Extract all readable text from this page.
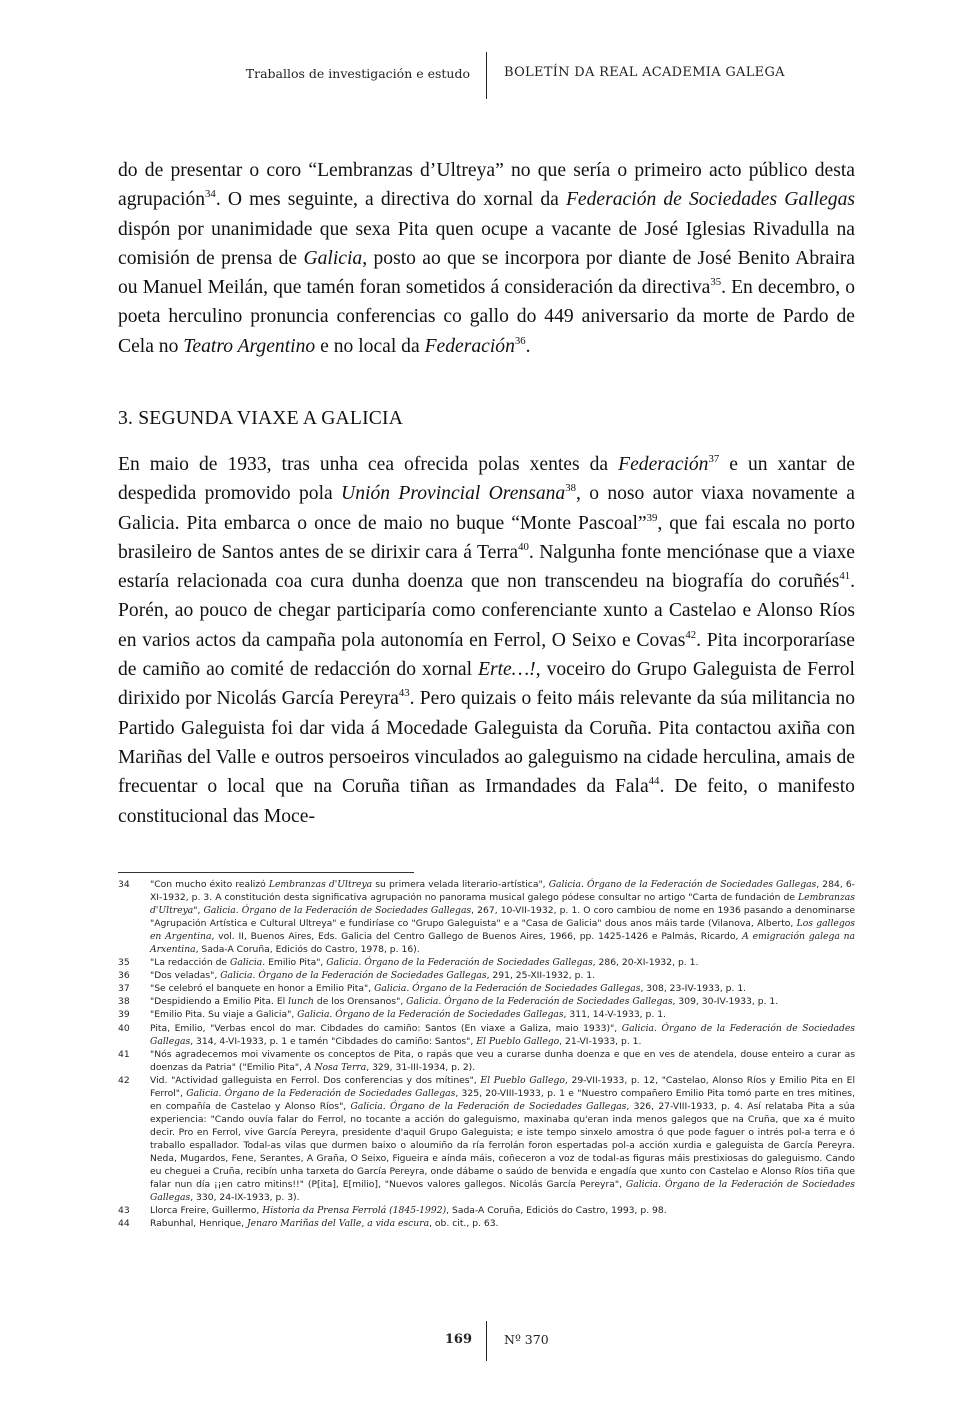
Traballos de investigación e estudo	BOLETÍN DA REAL ACADEMIA GALEGA

do de presentar o coro “Lembranzas d’Ultreya” no que sería o primeiro acto público desta agrupación$^{34}$. O mes seguinte, a directiva do xornal da Federación de Sociedades Gallegas dispón por unanimidade que sexa Pita quen ocupe a vacante de José Iglesias Rivadulla na comisión de prensa de Galicia, posto ao que se incorpora por diante de José Benito Abraira ou Manuel Meilán, que tamén foran sometidos á consideración da directiva$^{35}$. En decembro, o poeta herculino pronuncia conferencias co gallo do 449 aniversario da morte de Pardo de Cela no Teatro Argentino e no local da Federación$^{36}$.

3. SEGUNDA VIAXE A GALICIA

En maio de 1933, tras unha cea ofrecida polas xentes da Federación$^{37}$ e un xantar de despedida promovido pola Unión Provincial Orensana$^{38}$, o noso autor viaxa novamente a Galicia. Pita embarca o once de maio no buque “Monte Pascoal”$^{39}$, que fai escala no porto brasileiro de Santos antes de se dirixir cara á Terra$^{40}$. Nalgunha fonte menciónase que a viaxe estaría relacionada coa cura dunha doenza que non transcendeu na biografía do coruñés$^{41}$. Porén, ao pouco de chegar participaría como conferenciante xunto a Castelao e Alonso Ríos en varios actos da campaña pola autonomía en Ferrol, O Seixo e Covas$^{42}$. Pita incorporaríase de camiño ao comité de redacción do xornal Erte…!, voceiro do Grupo Galeguista de Ferrol dirixido por Nicolás García Pereyra$^{43}$. Pero quizais o feito máis relevante da súa militancia no Partido Galeguista foi dar vida á Mocedade Galeguista da Coruña. Pita contactou axiña con Mariñas del Valle e outros persoeiros vinculados ao galeguismo na cidade herculina, amais de frecuentar o local que na Coruña tiñan as Irmandades da Fala$^{44}$. De feito, o manifesto constitucional das Moce-

34	"Con mucho éxito realizó Lembranzas d'Ultreya su primera velada literario-artística", Galicia. Órgano de la Federación de Sociedades Gallegas, 284, 6-XI-1932, p. 3. A constitución desta significativa agrupación no panorama musical galego pódese consultar no artigo "Carta de fundación de Lembranzas d'Ultreya", Galicia. Órgano de la Federación de Sociedades Gallegas, 267, 10-VII-1932, p. 1. O coro cambiou de nome en 1936 pasando a denominarse "Agrupación Artística e Cultural Ultreya" e fundiríase co "Grupo Galeguista" e a "Casa de Galicia" dous anos máis tarde (Vilanova, Alberto, Los gallegos en Argentina, vol. II, Buenos Aires, Eds. Galicia del Centro Gallego de Buenos Aires, 1966, pp. 1425-1426 e Palmás, Ricardo, A emigración galega na Arxentina, Sada-A Coruña, Ediciós do Castro, 1978, p. 16).
35	"La redacción de Galicia. Emilio Pita", Galicia. Órgano de la Federación de Sociedades Gallegas, 286, 20-XI-1932, p. 1.
36	"Dos veladas", Galicia. Órgano de la Federación de Sociedades Gallegas, 291, 25-XII-1932, p. 1.
37	"Se celebró el banquete en honor a Emilio Pita", Galicia. Órgano de la Federación de Sociedades Gallegas, 308, 23-IV-1933, p. 1.
38	"Despidiendo a Emilio Pita. El lunch de los Orensanos", Galicia. Órgano de la Federación de Sociedades Gallegas, 309, 30-IV-1933, p. 1.
39	"Emilio Pita. Su viaje a Galicia", Galicia. Órgano de la Federación de Sociedades Gallegas, 311, 14-V-1933, p. 1.
40	Pita, Emilio, "Verbas encol do mar. Cibdades do camiño: Santos (En viaxe a Galiza, maio 1933)", Galicia. Órgano de la Federación de Sociedades Gallegas, 314, 4-VI-1933, p. 1 e tamén "Cibdades do camiño: Santos", El Pueblo Gallego, 21-VI-1933, p. 1.
41	"Nós agradecemos moi vivamente os conceptos de Pita, o rapás que veu a curarse dunha doenza e que en ves de atendela, douse enteiro a curar as doenzas da Patria" ("Emilio Pita", A Nosa Terra, 329, 31-III-1934, p. 2).
42	Vid. "Actividad galleguista en Ferrol. Dos conferencias y dos mítines", El Pueblo Gallego, 29-VII-1933, p. 12, "Castelao, Alonso Ríos y Emilio Pita en El Ferrol", Galicia. Órgano de la Federación de Sociedades Gallegas, 325, 20-VIII-1933, p. 1 e "Nuestro compañero Emilio Pita tomó parte en tres mitines, en compañía de Castelao y Alonso Ríos", Galicia. Órgano de la Federación de Sociedades Gallegas, 326, 27-VIII-1933, p. 4. Así relataba Pita a súa experiencia: "Cando ouvía falar do Ferrol, no tocante a acción do galeguismo, maxinaba qu'eran inda menos galegos que na Cruña, que xa é muito decir. Pro en Ferrol, vive García Pereyra, presidente d'aquil Grupo Galeguista; e iste tempo sinxelo amostra ó que pode faguer o intrés pol-a terra e ó traballo espallador. Todal-as vilas que durmen baixo o aloumiño da ría ferrolán foron espertadas pol-a acción xurdia e galeguista de García Pereyra. Neda, Mugardos, Fene, Serantes, A Graña, O Seixo, Figueira e aínda máis, coñeceron a voz de todal-as figuras máis prestixiosas do galeguismo. Cando eu cheguei a Cruña, recibín unha tarxeta do García Pereyra, onde dábame o saúdo de benvida e engadía que xunto con Castelao e Alonso Ríos tiña que falar nun día ¡¡en catro mitins!!" (P[ita], E[milio], "Nuevos valores gallegos. Nicolás García Pereyra", Galicia. Órgano de la Federación de Sociedades Gallegas, 330, 24-IX-1933, p. 3).
43	Llorca Freire, Guillermo, Historia da Prensa Ferrolá (1845-1992), Sada-A Coruña, Ediciós do Castro, 1993, p. 98.
44	Rabunhal, Henrique, Jenaro Mariñas del Valle, a vida escura, ob. cit., p. 63.
169	Nº 370
